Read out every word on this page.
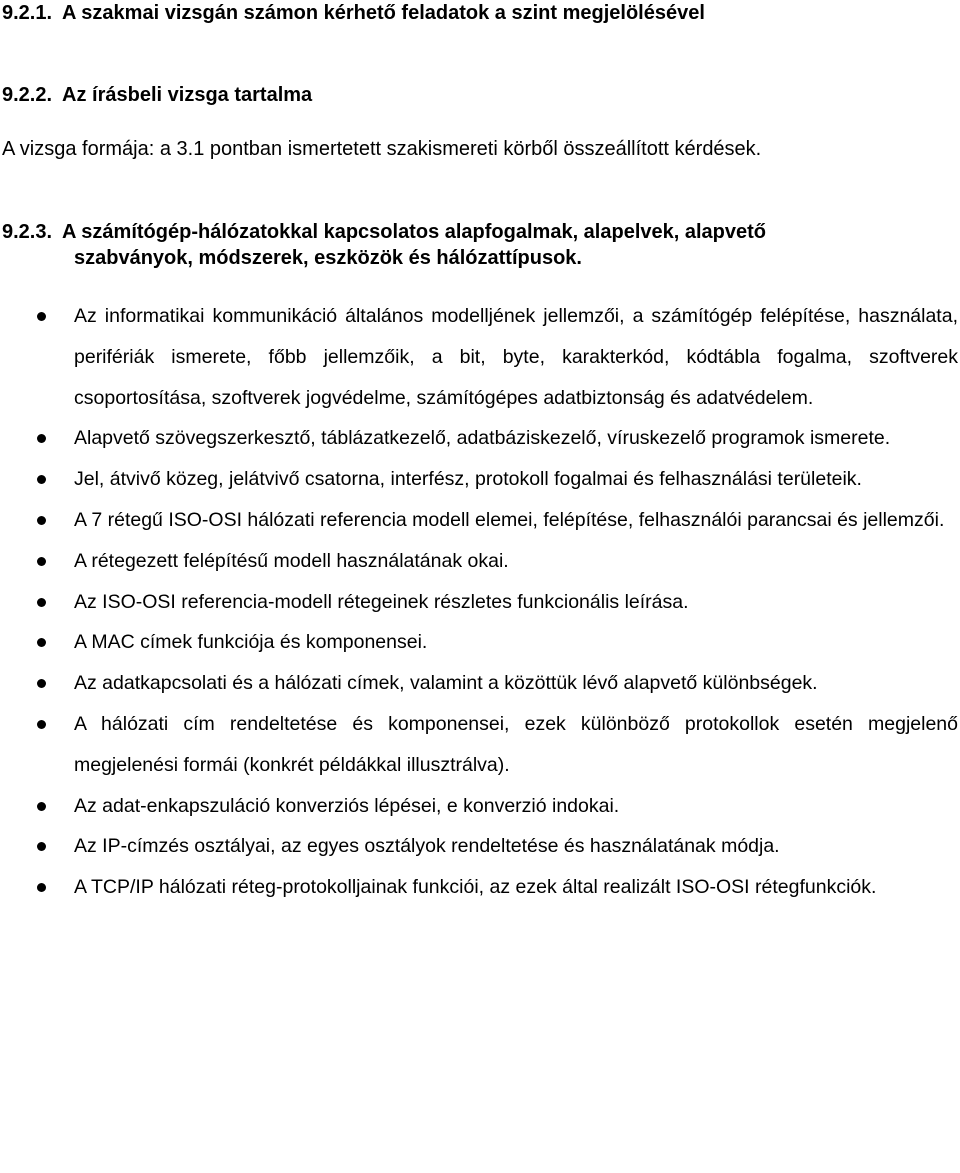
9.2.1. A szakmai vizsgán számon kérhető feladatok a szint megjelölésével
9.2.2. Az írásbeli vizsga tartalma

A vizsga formája: a 3.1 pontban ismertetett szakismereti körből összeállított kérdések.

9.2.3. A számítógép-hálózatokkal kapcsolatos alapfogalmak, alapelvek, alapvető
szabványok, módszerek, eszközök és hálózattípusok.
Az informatikai kommunikáció általános modelljének jellemzői, a számítógép felépítése, használata, perifériák ismerete, főbb jellemzőik, a bit, byte, karakterkód, kódtábla fogalma, szoftverek csoportosítása, szoftverek jogvédelme, számítógépes adatbiztonság és adatvédelem.
Alapvető szövegszerkesztő, táblázatkezelő, adatbáziskezelő, víruskezelő programok ismerete.
Jel, átvivő közeg, jelátvivő csatorna, interfész, protokoll fogalmai és felhasználási területeik.
A 7 rétegű ISO-OSI hálózati referencia modell elemei, felépítése, felhasználói parancsai és jellemzői.
A rétegezett felépítésű modell használatának okai.
Az ISO-OSI referencia-modell rétegeinek részletes funkcionális leírása.
A MAC címek funkciója és komponensei.
Az adatkapcsolati és a hálózati címek, valamint a közöttük lévő alapvető különbségek.
A hálózati cím rendeltetése és komponensei, ezek különböző protokollok esetén megjelenő megjelenési formái (konkrét példákkal illusztrálva).
Az adat-enkapszuláció konverziós lépései, e konverzió indokai.
Az IP-címzés osztályai, az egyes osztályok rendeltetése és használatának módja.
A TCP/IP hálózati réteg-protokolljainak funkciói, az ezek által realizált ISO-OSI rétegfunkciók.
